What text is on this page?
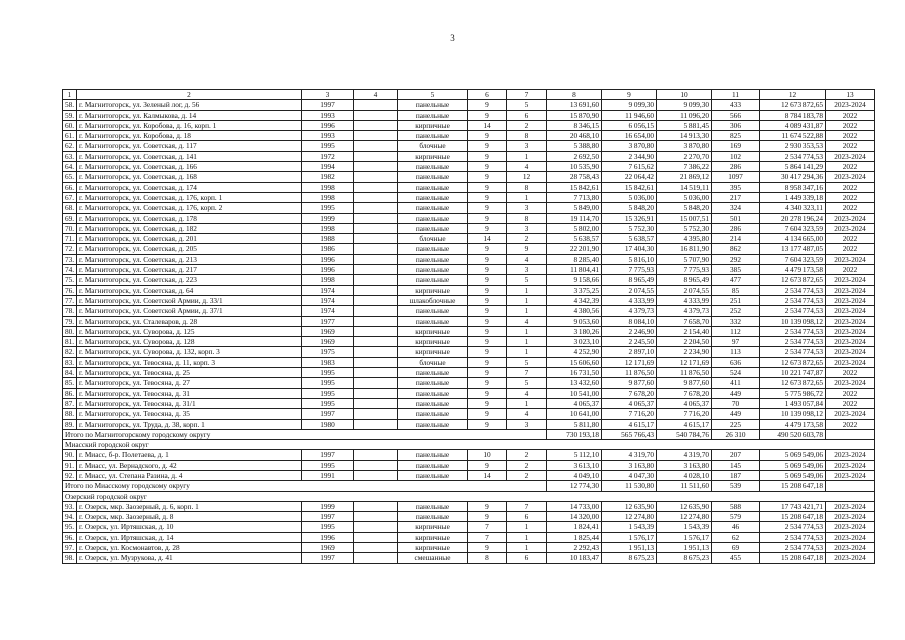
3
1	2	3	4	5	6	7	8	9	10	11	12	13
58.	г. Магнитогорск, ул. Зеленый лог, д. 56	1997		панельные	9	5	13 691,60	9 099,30	9 099,30	433	12 673 872,65	2023-2024
59.	г. Магнитогорск, ул. Калмыкова, д. 14	1993		панельные	9	6	15 870,90	11 946,60	11 096,20	566	8 784 183,78	2022
60.	г. Магнитогорск, ул. Коробова, д. 16, корп. 1	1996		кирпичные	14	2	8 346,15	6 056,15	5 881,45	306	4 089 431,87	2022
61.	г. Магнитогорск, ул. Коробова, д. 18	1993		панельные	9	8	20 468,10	16 654,00	14 913,30	825	11 674 522,88	2022
62.	г. Магнитогорск, ул. Советская, д. 117	1995		блочные	9	3	5 388,80	3 870,80	3 870,80	169	2 930 353,53	2022
63.	г. Магнитогорск, ул. Советская, д. 141	1972		кирпичные	9	1	2 692,50	2 344,90	2 270,70	102	2 534 774,53	2023-2024
64.	г. Магнитогорск, ул. Советская, д. 166	1994		панельные	9	4	10 535,90	7 615,62	7 386,22	286	5 864 141,29	2022
65.	г. Магнитогорск, ул. Советская, д. 168	1982		панельные	9	12	28 758,43	22 064,42	21 869,12	1097	30 417 294,36	2023-2024
66.	г. Магнитогорск, ул. Советская, д. 174	1998		панельные	9	8	15 842,61	15 842,61	14 519,11	395	8 958 347,16	2022
67.	г. Магнитогорск, ул. Советская, д. 176, корп. 1	1998		панельные	9	1	7 713,80	5 036,00	5 036,00	217	1 449 339,18	2022
68.	г. Магнитогорск, ул. Советская, д. 176, корп. 2	1995		панельные	9	3	5 849,00	5 848,20	5 848,20	324	4 340 323,11	2022
69.	г. Магнитогорск, ул. Советская, д. 178	1999		панельные	9	8	19 114,70	15 326,91	15 007,51	501	20 278 196,24	2023-2024
70.	г. Магнитогорск, ул. Советская, д. 182	1998		панельные	9	3	5 802,00	5 752,30	5 752,30	286	7 604 323,59	2023-2024
71.	г. Магнитогорск, ул. Советская, д. 201	1988		блочные	14	2	5 638,57	5 638,57	4 395,80	214	4 134 665,00	2022
72.	г. Магнитогорск, ул. Советская, д. 205	1986		панельные	9	9	22 201,90	17 404,30	16 811,90	862	13 177 487,05	2022
73.	г. Магнитогорск, ул. Советская, д. 213	1996		панельные	9	4	8 285,40	5 816,10	5 707,90	292	7 604 323,59	2023-2024
74.	г. Магнитогорск, ул. Советская, д. 217	1996		панельные	9	3	11 804,41	7 775,93	7 775,93	385	4 479 173,58	2022
75.	г. Магнитогорск, ул. Советская, д. 223	1998		панельные	9	5	9 158,66	8 965,49	8 965,49	477	12 673 872,65	2023-2024
76.	г. Магнитогорск, ул. Советская, д. 64	1974		кирпичные	9	1	3 375,25	2 074,55	2 074,55	85	2 534 774,53	2023-2024
77.	г. Магнитогорск, ул. Советской Армии, д. 33/1	1974		шлакоблочные	9	1	4 342,39	4 333,99	4 333,99	251	2 534 774,53	2023-2024
78.	г. Магнитогорск, ул. Советской Армии, д. 37/1	1974		панельные	9	1	4 380,56	4 379,73	4 379,73	252	2 534 774,53	2023-2024
79.	г. Магнитогорск, ул. Сталеваров, д. 28	1977		панельные	9	4	9 053,60	8 084,10	7 658,70	332	10 139 098,12	2023-2024
80.	г. Магнитогорск, ул. Суворова, д. 125	1969		кирпичные	9	1	3 180,26	2 246,90	2 154,40	112	2 534 774,53	2023-2024
81.	г. Магнитогорск, ул. Суворова, д. 128	1969		кирпичные	9	1	3 023,10	2 245,50	2 204,50	97	2 534 774,53	2023-2024
82.	г. Магнитогорск, ул. Суворова, д. 132, корп. 3	1975		кирпичные	9	1	4 252,90	2 897,10	2 234,90	113	2 534 774,53	2023-2024
83.	г. Магнитогорск, ул. Тевосяна, д. 11, корп. 3	1983		блочные	9	5	15 606,60	12 171,69	12 171,69	636	12 673 872,65	2023-2024
84.	г. Магнитогорск, ул. Тевосяна, д. 25	1995		панельные	9	7	16 731,50	11 876,50	11 876,50	524	10 221 747,87	2022
85.	г. Магнитогорск, ул. Тевосяна, д. 27	1995		панельные	9	5	13 432,60	9 877,60	9 877,60	411	12 673 872,65	2023-2024
86.	г. Магнитогорск, ул. Тевосяна, д. 31	1995		панельные	9	4	10 541,00	7 678,20	7 678,20	449	5 775 986,72	2022
87.	г. Магнитогорск, ул. Тевосяна, д. 31/1	1995		панельные	9	1	4 065,37	4 065,37	4 065,37	70	1 493 057,84	2022
88.	г. Магнитогорск, ул. Тевосяна, д. 35	1997		панельные	9	4	10 641,00	7 716,20	7 716,20	449	10 139 098,12	2023-2024
89.	г. Магнитогорск, ул. Труда, д. 38, корп. 1	1980		панельные	9	3	5 811,80	4 615,17	4 615,17	225	4 479 173,58	2022
Итого по Магнитогорскому городскому округу							730 193,18	565 766,43	540 784,76	26 310	490 520 603,78	
Миасский городской округ												
90.	г. Миасс, б-р. Полетаева, д. 1	1997		панельные	10	2	5 112,10	4 319,70	4 319,70	207	5 069 549,06	2023-2024
91.	г. Миасс, ул. Вернадского, д. 42	1995		панельные	9	2	3 613,10	3 163,80	3 163,80	145	5 069 549,06	2023-2024
92.	г. Миасс, ул. Степана Разина, д. 4	1991		панельные	14	2	4 049,10	4 047,30	4 028,10	187	5 069 549,06	2023-2024
Итого по Миасскому городскому округу							12 774,30	11 530,80	11 511,60	539	15 208 647,18	
Озерский городской округ												
93.	г. Озерск, мкр. Заозерный, д. 6, корп. 1	1999		панельные	9	7	14 733,00	12 635,90	12 635,90	588	17 743 421,71	2023-2024
94.	г. Озерск, мкр. Заозерный, д. 8	1997		панельные	9	6	14 320,00	12 274,80	12 274,80	579	15 208 647,18	2023-2024
95.	г. Озерск, ул. Иртяшская, д. 10	1995		кирпичные	7	1	1 824,41	1 543,39	1 543,39	46	2 534 774,53	2023-2024
96.	г. Озерск, ул. Иртяшская, д. 14	1996		кирпичные	7	1	1 825,44	1 576,17	1 576,17	62	2 534 774,53	2023-2024
97.	г. Озерск, ул. Космонавтов, д. 28	1969		кирпичные	9	1	2 292,43	1 951,13	1 951,13	69	2 534 774,53	2023-2024
98.	г. Озерск, ул. Музрукова, д. 41	1997		смешанные	8	6	10 183,47	8 675,23	8 675,23	455	15 208 647,18	2023-2024
